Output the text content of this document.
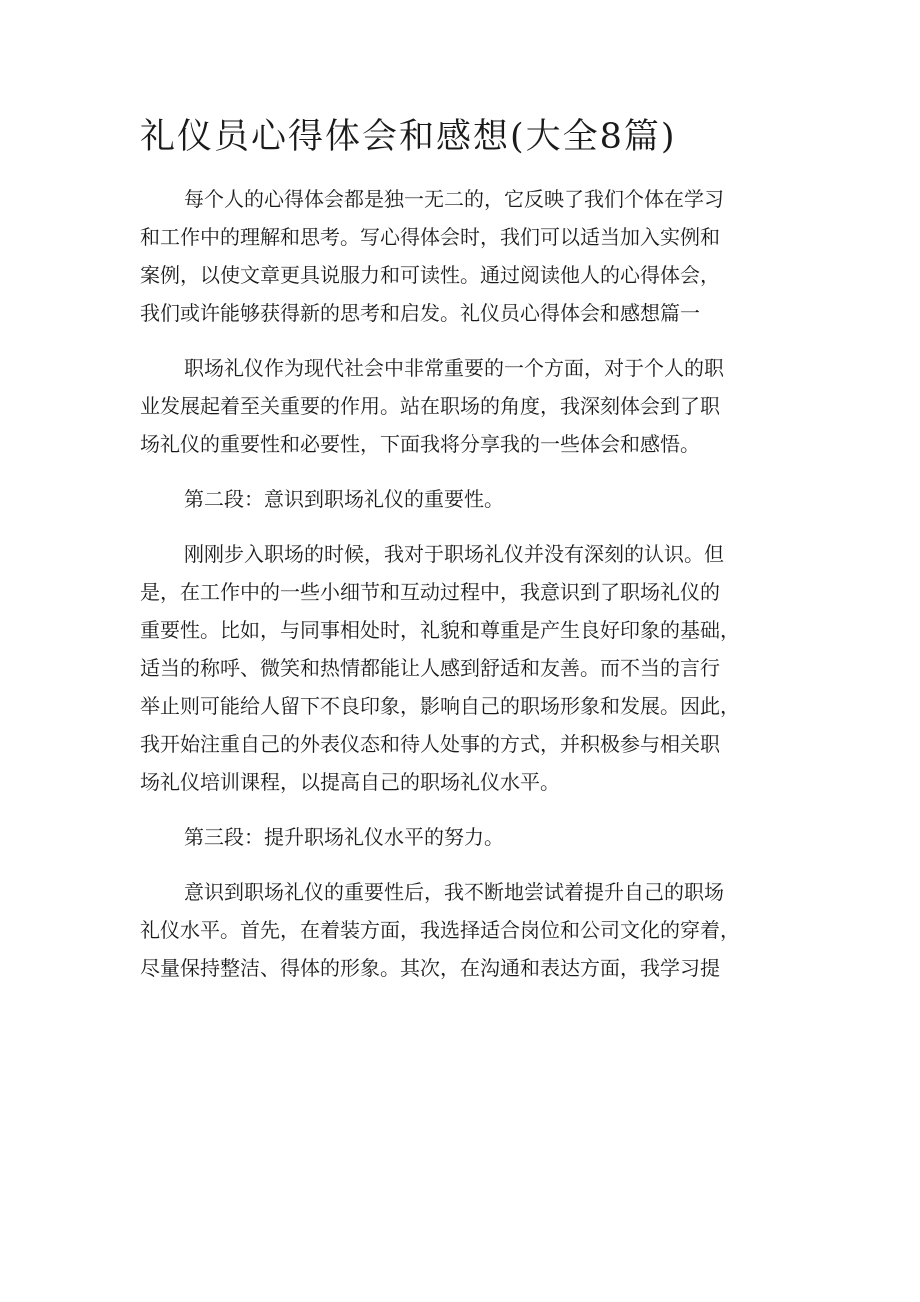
礼仪员心得体会和感想(大全8篇)

每个人的心得体会都是独一无二的，它反映了我们个体在学习
和工作中的理解和思考。写心得体会时，我们可以适当加入实例和
案例，以使文章更具说服力和可读性。通过阅读他人的心得体会，
我们或许能够获得新的思考和启发。礼仪员心得体会和感想篇一

职场礼仪作为现代社会中非常重要的一个方面，对于个人的职
业发展起着至关重要的作用。站在职场的角度，我深刻体会到了职
场礼仪的重要性和必要性，下面我将分享我的一些体会和感悟。

第二段：意识到职场礼仪的重要性。

刚刚步入职场的时候，我对于职场礼仪并没有深刻的认识。但
是，在工作中的一些小细节和互动过程中，我意识到了职场礼仪的
重要性。比如，与同事相处时，礼貌和尊重是产生良好印象的基础，
适当的称呼、微笑和热情都能让人感到舒适和友善。而不当的言行
举止则可能给人留下不良印象，影响自己的职场形象和发展。因此，
我开始注重自己的外表仪态和待人处事的方式，并积极参与相关职
场礼仪培训课程，以提高自己的职场礼仪水平。

第三段：提升职场礼仪水平的努力。

意识到职场礼仪的重要性后，我不断地尝试着提升自己的职场
礼仪水平。首先，在着装方面，我选择适合岗位和公司文化的穿着，
尽量保持整洁、得体的形象。其次，在沟通和表达方面，我学习提
